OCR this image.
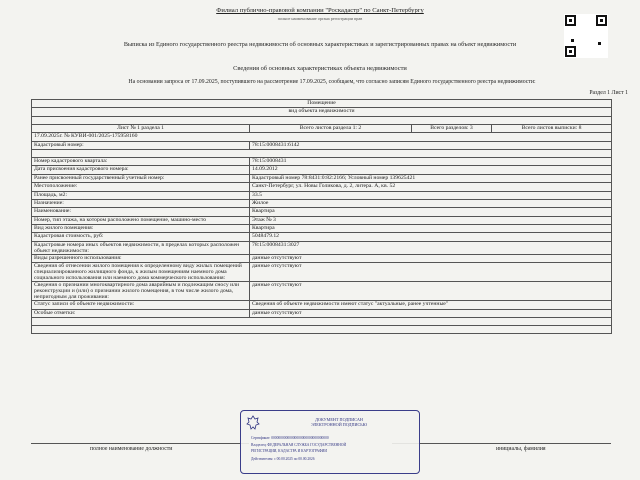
Филиал публично-правовой компании "Роскадастр" по Санкт-Петербургу
полное наименование органа регистрации прав
Выписка из Единого государственного реестра недвижимости об основных характеристиках и зарегистрированных правах на объект недвижимости
Сведения об основных характеристиках объекта недвижимости
На основании запроса от 17.09.2025, поступившего на рассмотрение 17.09.2025, сообщаем, что согласно записям Единого государственного реестра недвижимости:
Раздел 1 Лист 1
Помещение			
вид объекта недвижимости			

Лист № 1 раздела 1	Всего листов раздела 1: 2	Всего разделов: 3	Всего листов выписки: 8
17.09.2025г. № КУВИ-001/2025-175958160			
Кадастровый номер:	78:15:0008431:6142		

Номер кадастрового квартала:	78:15:0008431		
Дата присвоения кадастрового номера:	14.09.2012		
Ранее присвоенный государственный учетный номер:	Кадастровый номер 78:8431:0:82:2166; Условный номер 139625421		
Местоположение:	Санкт-Петербург, ул. Новы Голикова, д. 2, литера. А, кв. 52		
Площадь, м2:	33.5		
Назначение:	Жилое		
Наименование:	Квартира		
Номер, тип этажа, на котором расположено помещение, машино-место	Этаж № 3		
Вид жилого помещения:	Квартира		
Кадастровая стоимость, руб:	5048479.12		
Кадастровые номера иных объектов недвижимости, в пределах которых расположен объект недвижимости:	78:15:0008431:3027		
Виды разрешенного использования:	данные отсутствуют		
Сведения об отнесении жилого помещения к определенному виду жилых помещений специализированного жилищного фонда, к жилым помещениям наемного дома социального использования или наемного дома коммерческого использования:	данные отсутствуют		
Сведения о признании многоквартирного дома аварийным и подлежащим сносу или реконструкции и (или) о признании жилого помещения, в том числе жилого дома, непригодным для проживания:	данные отсутствуют		
Статус записи об объекте недвижимости:	Сведения об объекте недвижимости имеют статус "актуальные, ранее учтенные"		
Особые отметки:	данные отсутствуют		

полное наименование должности	инициалы, фамилия
ДОКУМЕНТ ПОДПИСАН
ЭЛЕКТРОННОЙ ПОДПИСЬЮ
Сертификат: 00000000000000000000000000000000
Владелец: ФЕДЕРАЛЬНАЯ СЛУЖБА ГОСУДАРСТВЕННОЙ
РЕГИСТРАЦИИ, КАДАСТРА И КАРТОГРАФИИ
Действителен: с 00.00.2025 по 00.00.2026
